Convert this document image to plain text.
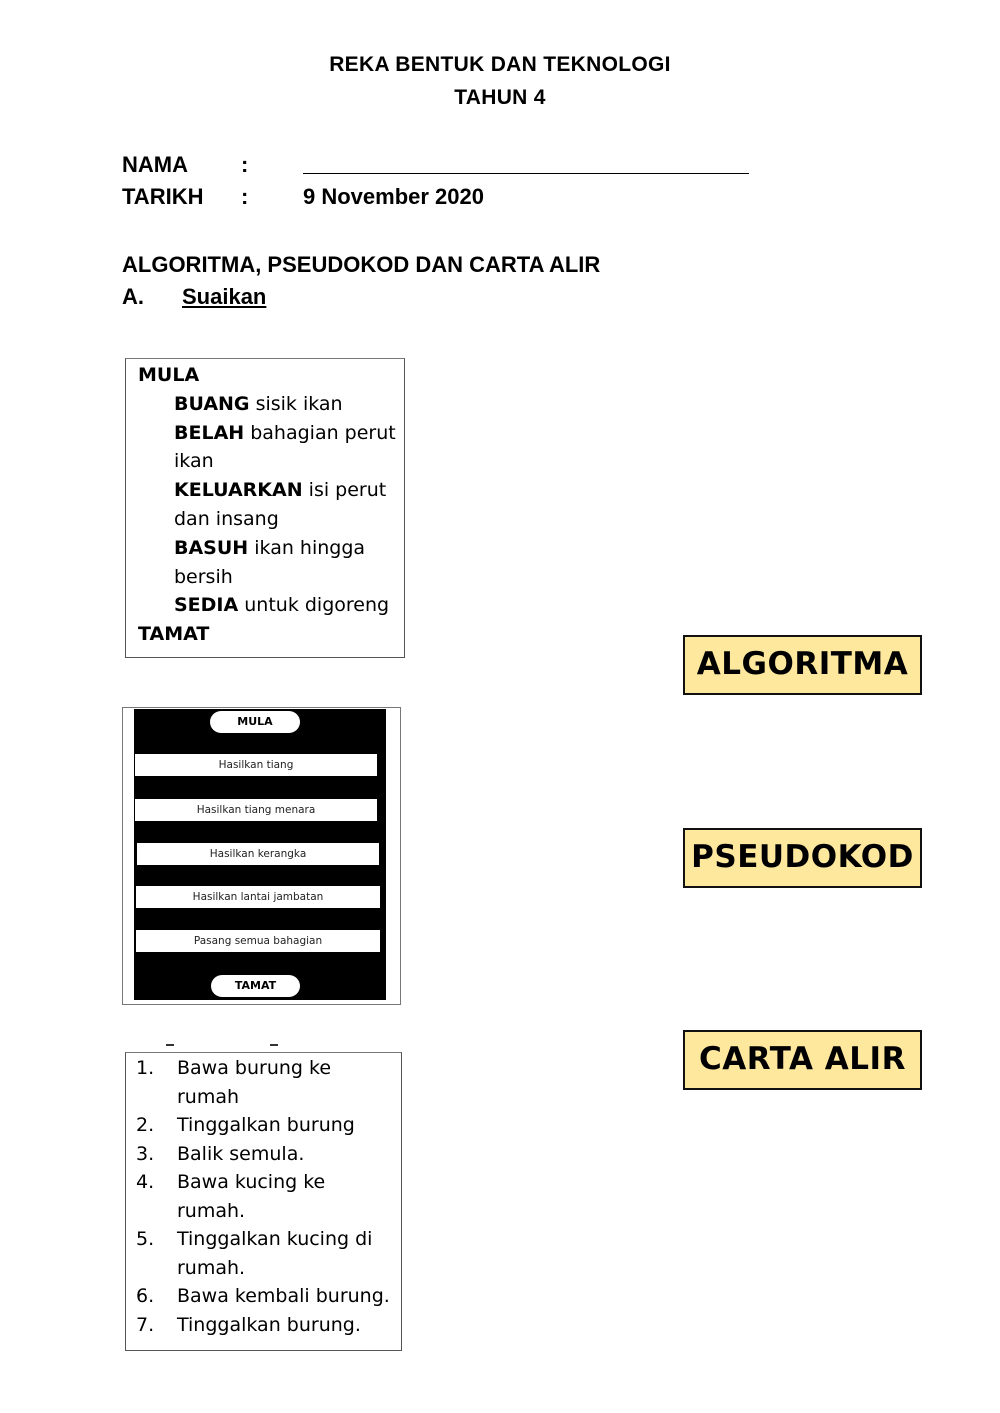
REKA BENTUK DAN TEKNOLOGI
TAHUN 4
NAMA :
TARIKH : 9 November 2020
ALGORITMA, PSEUDOKOD DAN CARTA ALIR
A. Suaikan
MULA
BUANG sisik ikan
BELAH bahagian perut
ikan
KELUARKAN isi perut
dan insang
BASUH ikan hingga
bersih
SEDIA untuk digoreng
TAMAT
MULA
Hasilkan tiang
Hasilkan tiang menara
Hasilkan kerangka
Hasilkan lantai jambatan
Pasang semua bahagian
TAMAT
1.	Bawa burung ke
rumah
2.	Tinggalkan burung
3.	Balik semula.
4.	Bawa kucing ke
rumah.
5.	Tinggalkan kucing di
rumah.
6.	Bawa kembali burung.
7.	Tinggalkan burung.
ALGORITMA
PSEUDOKOD
CARTA ALIR
